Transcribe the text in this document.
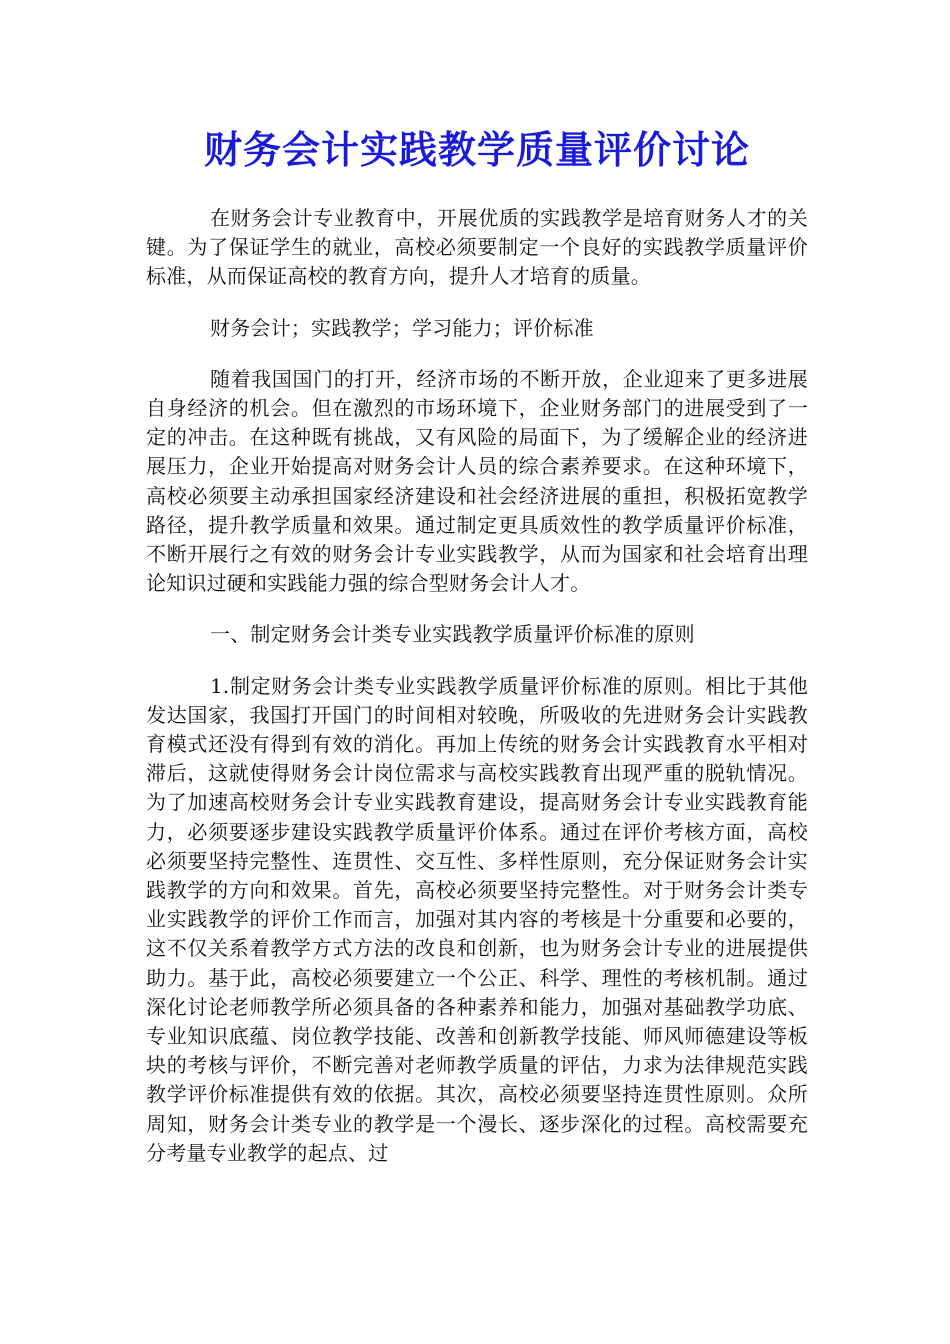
财务会计实践教学质量评价讨论

在财务会计专业教育中，开展优质的实践教学是培育财务人才的关键。为了保证学生的就业，高校必须要制定一个良好的实践教学质量评价标准，从而保证高校的教育方向，提升人才培育的质量。

财务会计；实践教学；学习能力；评价标准

随着我国国门的打开，经济市场的不断开放，企业迎来了更多进展自身经济的机会。但在激烈的市场环境下，企业财务部门的进展受到了一定的冲击。在这种既有挑战，又有风险的局面下，为了缓解企业的经济进展压力，企业开始提高对财务会计人员的综合素养要求。在这种环境下，高校必须要主动承担国家经济建设和社会经济进展的重担，积极拓宽教学路径，提升教学质量和效果。通过制定更具质效性的教学质量评价标准，不断开展行之有效的财务会计专业实践教学，从而为国家和社会培育出理论知识过硬和实践能力强的综合型财务会计人才。

一、制定财务会计类专业实践教学质量评价标准的原则

1.制定财务会计类专业实践教学质量评价标准的原则。相比于其他发达国家，我国打开国门的时间相对较晚，所吸收的先进财务会计实践教育模式还没有得到有效的消化。再加上传统的财务会计实践教育水平相对滞后，这就使得财务会计岗位需求与高校实践教育出现严重的脱轨情况。为了加速高校财务会计专业实践教育建设，提高财务会计专业实践教育能力，必须要逐步建设实践教学质量评价体系。通过在评价考核方面，高校必须要坚持完整性、连贯性、交互性、多样性原则，充分保证财务会计实践教学的方向和效果。首先，高校必须要坚持完整性。对于财务会计类专业实践教学的评价工作而言，加强对其内容的考核是十分重要和必要的，这不仅关系着教学方式方法的改良和创新，也为财务会计专业的进展提供助力。基于此，高校必须要建立一个公正、科学、理性的考核机制。通过深化讨论老师教学所必须具备的各种素养和能力，加强对基础教学功底、专业知识底蕴、岗位教学技能、改善和创新教学技能、师风师德建设等板块的考核与评价，不断完善对老师教学质量的评估，力求为法律规范实践教学评价标准提供有效的依据。其次，高校必须要坚持连贯性原则。众所周知，财务会计类专业的教学是一个漫长、逐步深化的过程。高校需要充分考量专业教学的起点、过
